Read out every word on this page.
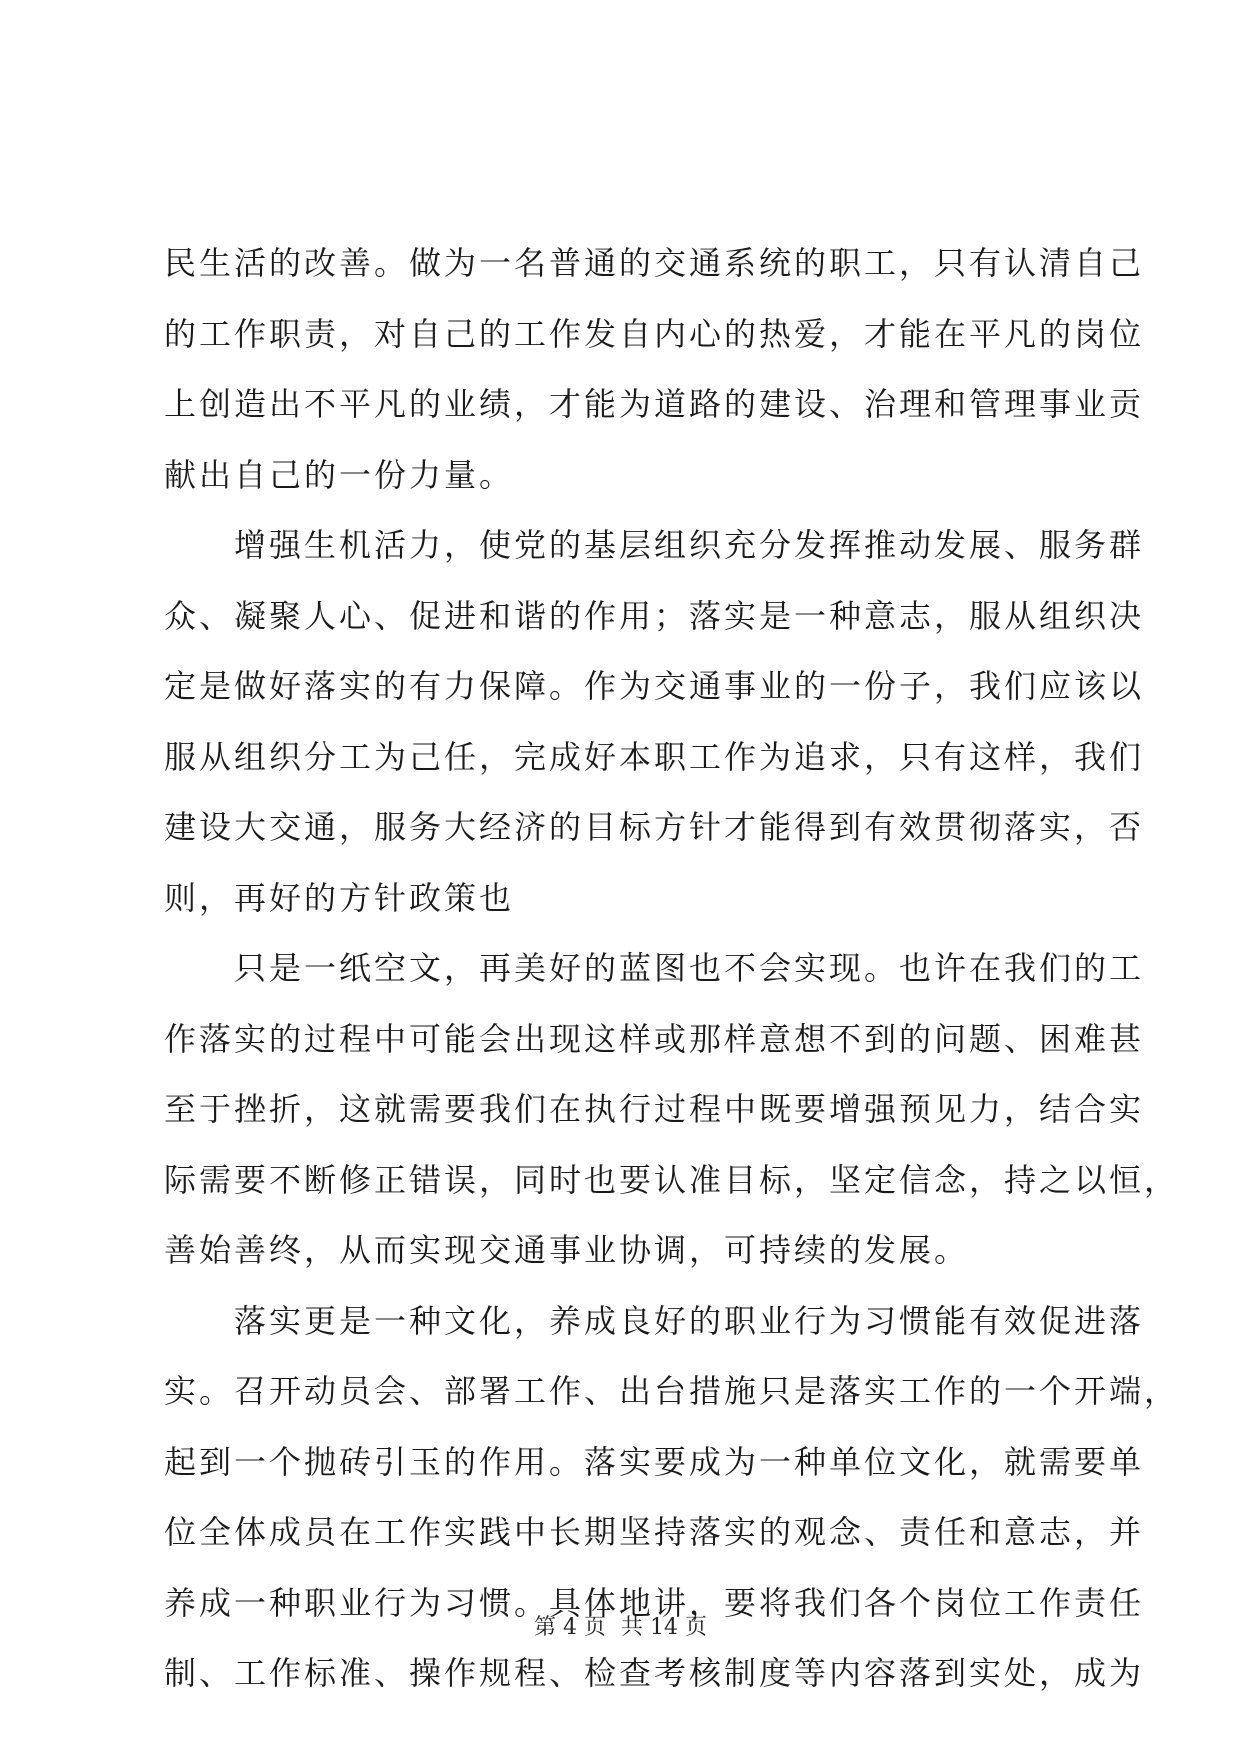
民生活的改善。做为一名普通的交通系统的职工，只有认清自己
的工作职责，对自己的工作发自内心的热爱，才能在平凡的岗位
上创造出不平凡的业绩，才能为道路的建设、治理和管理事业贡
献出自己的一份力量。
增强生机活力，使党的基层组织充分发挥推动发展、服务群
众、凝聚人心、促进和谐的作用；落实是一种意志，服从组织决
定是做好落实的有力保障。作为交通事业的一份子，我们应该以
服从组织分工为己任，完成好本职工作为追求，只有这样，我们
建设大交通，服务大经济的目标方针才能得到有效贯彻落实，否
则，再好的方针政策也
只是一纸空文，再美好的蓝图也不会实现。也许在我们的工
作落实的过程中可能会出现这样或那样意想不到的问题、困难甚
至于挫折，这就需要我们在执行过程中既要增强预见力，结合实
际需要不断修正错误，同时也要认准目标，坚定信念，持之以恒，
善始善终，从而实现交通事业协调，可持续的发展。
落实更是一种文化，养成良好的职业行为习惯能有效促进落
实。召开动员会、部署工作、出台措施只是落实工作的一个开端，
起到一个抛砖引玉的作用。落实要成为一种单位文化，就需要单
位全体成员在工作实践中长期坚持落实的观念、责任和意志，并
养成一种职业行为习惯。具体地讲，要将我们各个岗位工作责任
制、工作标准、操作规程、检查考核制度等内容落到实处，成为
第 4 页 共 14 页
